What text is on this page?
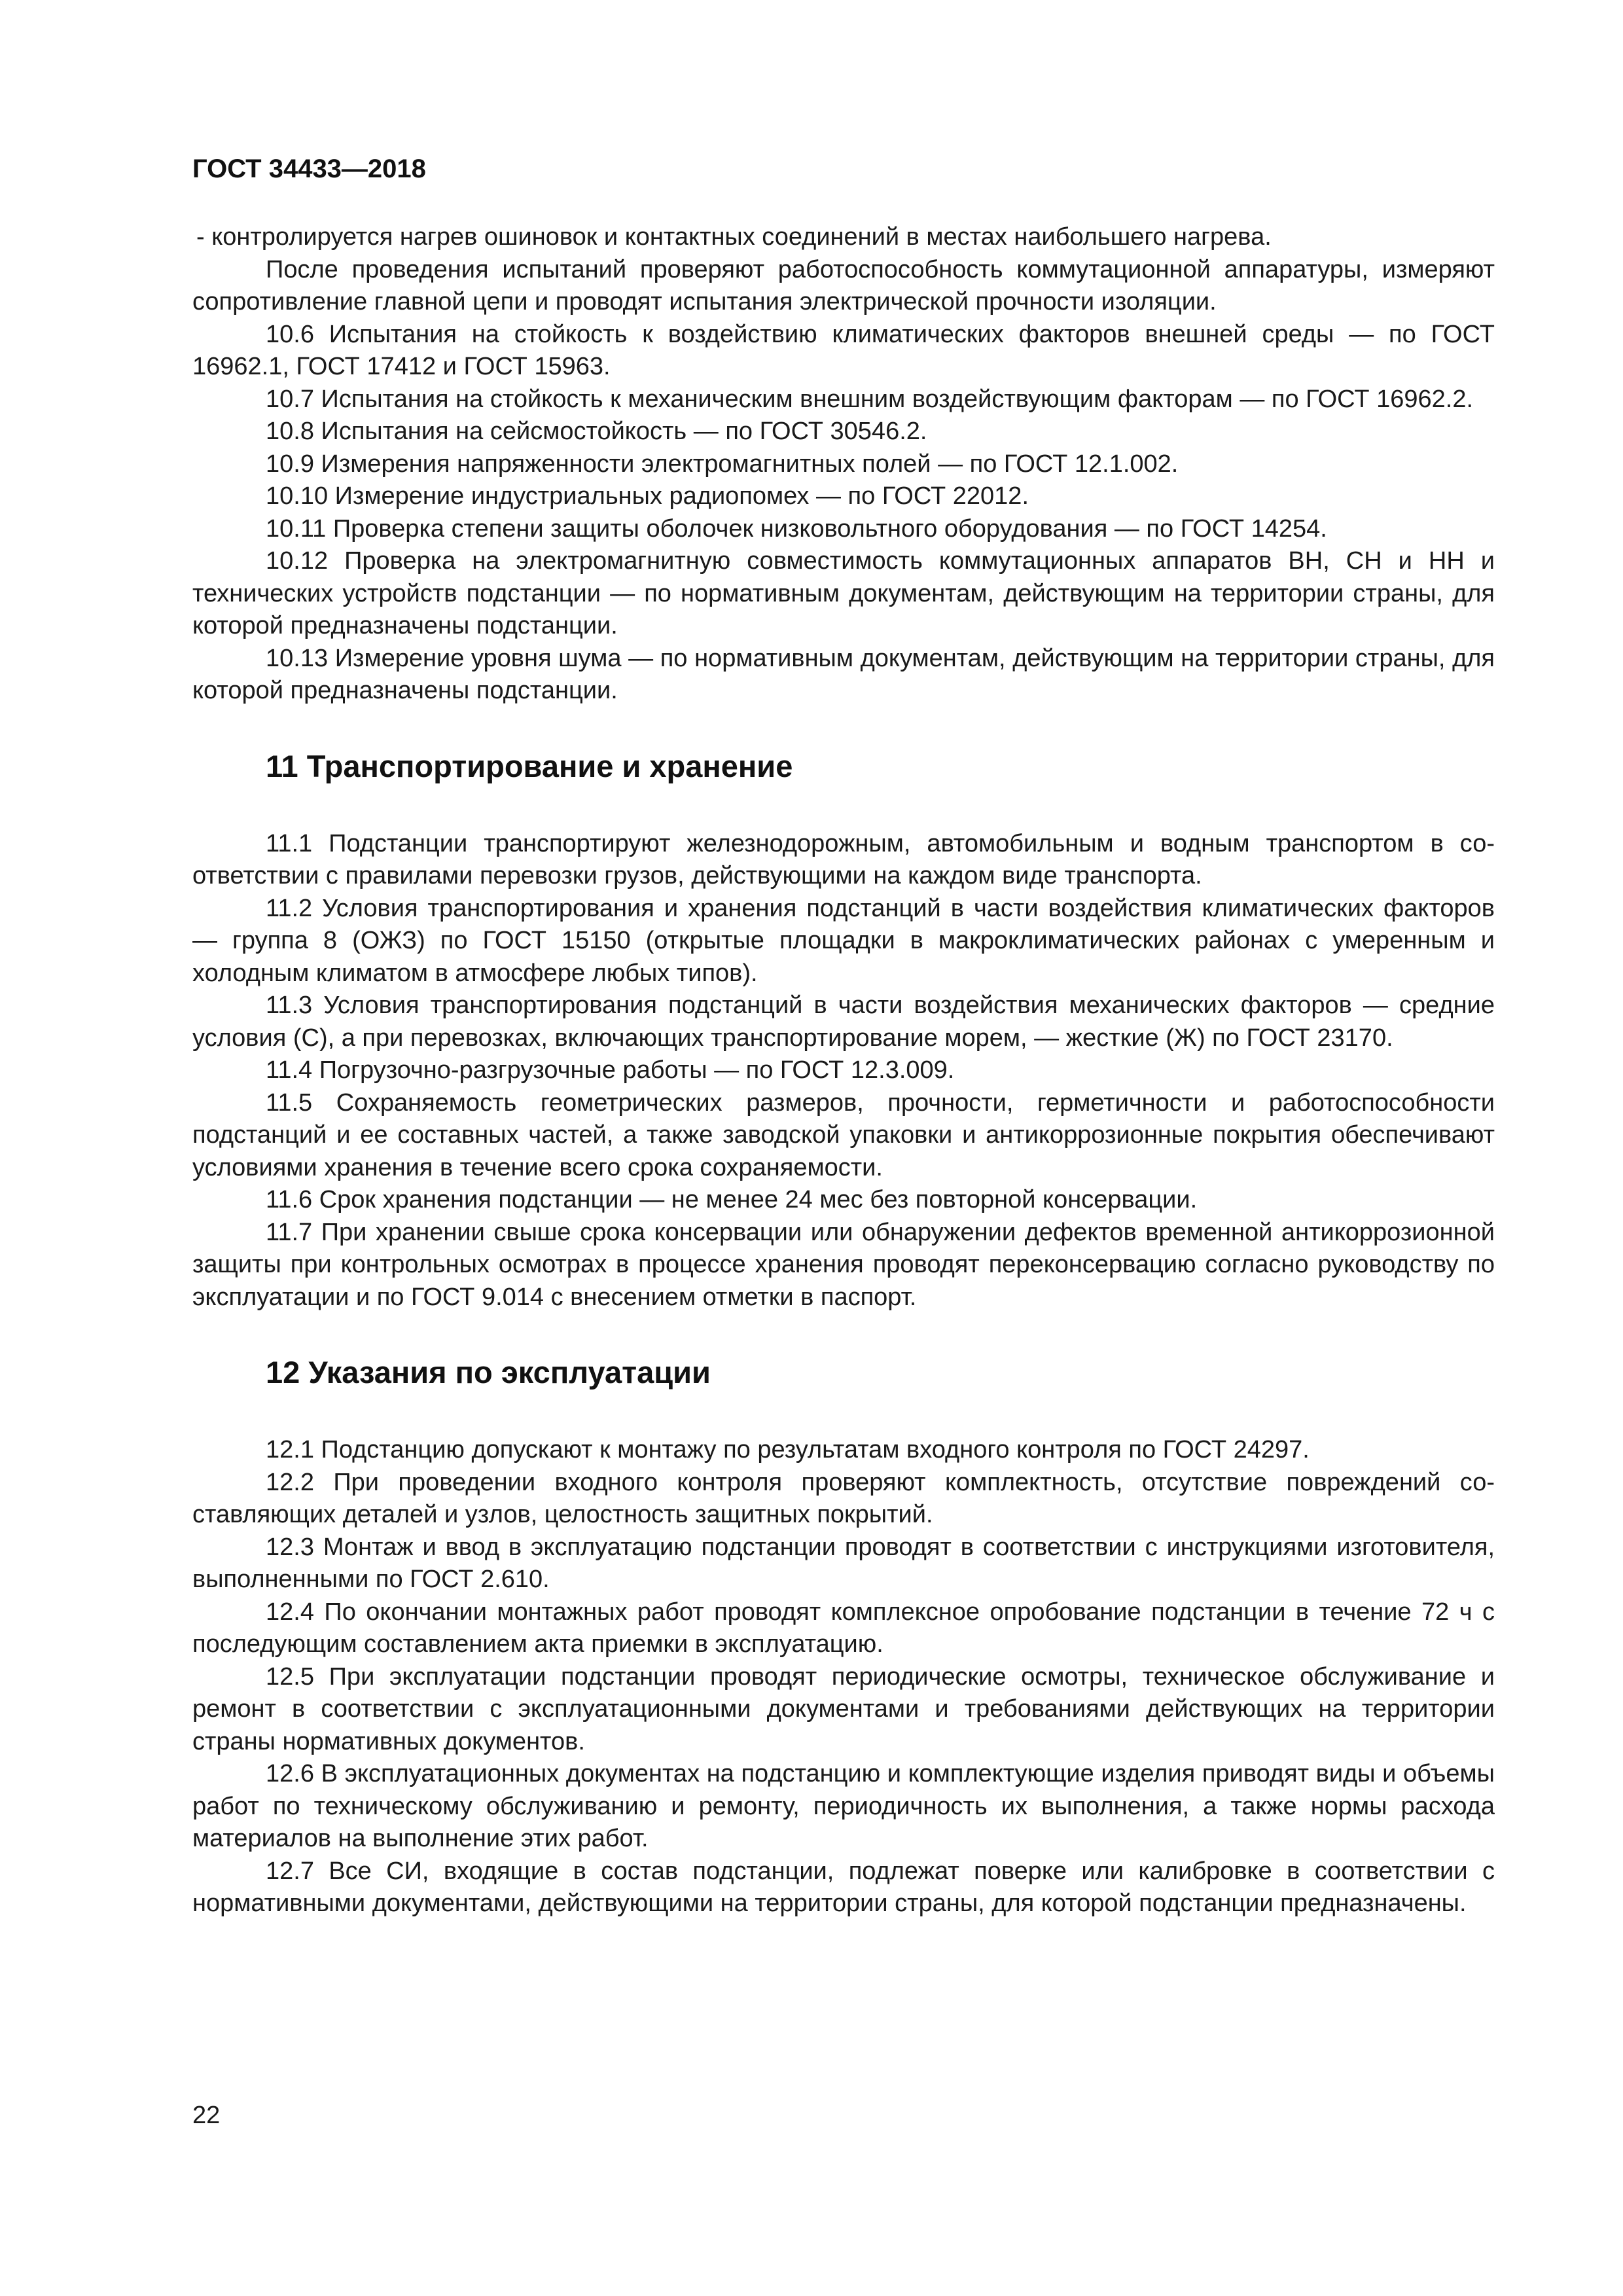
ГОСТ 34433—2018

- контролируется нагрев ошиновок и контактных соединений в местах наибольшего нагрева.

После проведения испытаний проверяют работоспособность коммутационной аппаратуры, измеряют сопротивление главной цепи и проводят испытания электрической прочности изоляции.

10.6 Испытания на стойкость к воздействию климатических факторов внешней среды — по ГОСТ 16962.1, ГОСТ 17412 и ГОСТ 15963.

10.7 Испытания на стойкость к механическим внешним воздействующим факторам — по ГОСТ 16962.2.

10.8 Испытания на сейсмостойкость — по ГОСТ 30546.2.

10.9 Измерения напряженности электромагнитных полей — по ГОСТ 12.1.002.

10.10 Измерение индустриальных радиопомех — по ГОСТ 22012.

10.11 Проверка степени защиты оболочек низковольтного оборудования — по ГОСТ 14254.

10.12 Проверка на электромагнитную совместимость коммутационных аппаратов ВН, СН и НН и технических устройств подстанции — по нормативным документам, действующим на территории страны, для которой предназначены подстанции.

10.13 Измерение уровня шума — по нормативным документам, действующим на территории страны, для которой предназначены подстанции.

11 Транспортирование и хранение

11.1 Подстанции транспортируют железнодорожным, автомобильным и водным транспортом в соответствии с правилами перевозки грузов, действующими на каждом виде транспорта.

11.2 Условия транспортирования и хранения подстанций в части воздействия климатических факторов — группа 8 (ОЖЗ) по ГОСТ 15150 (открытые площадки в макроклиматических районах с умеренным и холодным климатом в атмосфере любых типов).

11.3 Условия транспортирования подстанций в части воздействия механических факторов — средние условия (С), а при перевозках, включающих транспортирование морем, — жесткие (Ж) по ГОСТ 23170.

11.4 Погрузочно-разгрузочные работы — по ГОСТ 12.3.009.

11.5 Сохраняемость геометрических размеров, прочности, герметичности и работоспособности подстанций и ее составных частей, а также заводской упаковки и антикоррозионные покрытия обеспечивают условиями хранения в течение всего срока сохраняемости.

11.6 Срок хранения подстанции — не менее 24 мес без повторной консервации.

11.7 При хранении свыше срока консервации или обнаружении дефектов временной антикоррозионной защиты при контрольных осмотрах в процессе хранения проводят переконсервацию согласно руководству по эксплуатации и по ГОСТ 9.014 с внесением отметки в паспорт.

12 Указания по эксплуатации

12.1 Подстанцию допускают к монтажу по результатам входного контроля по ГОСТ 24297.

12.2 При проведении входного контроля проверяют комплектность, отсутствие повреждений составляющих деталей и узлов, целостность защитных покрытий.

12.3 Монтаж и ввод в эксплуатацию подстанции проводят в соответствии с инструкциями изготовителя, выполненными по ГОСТ 2.610.

12.4 По окончании монтажных работ проводят комплексное опробование подстанции в течение 72 ч с последующим составлением акта приемки в эксплуатацию.

12.5 При эксплуатации подстанции проводят периодические осмотры, техническое обслуживание и ремонт в соответствии с эксплуатационными документами и требованиями действующих на территории страны нормативных документов.

12.6 В эксплуатационных документах на подстанцию и комплектующие изделия приводят виды и объемы работ по техническому обслуживанию и ремонту, периодичность их выполнения, а также нормы расхода материалов на выполнение этих работ.

12.7 Все СИ, входящие в состав подстанции, подлежат поверке или калибровке в соответствии с нормативными документами, действующими на территории страны, для которой подстанции предназначены.

22
